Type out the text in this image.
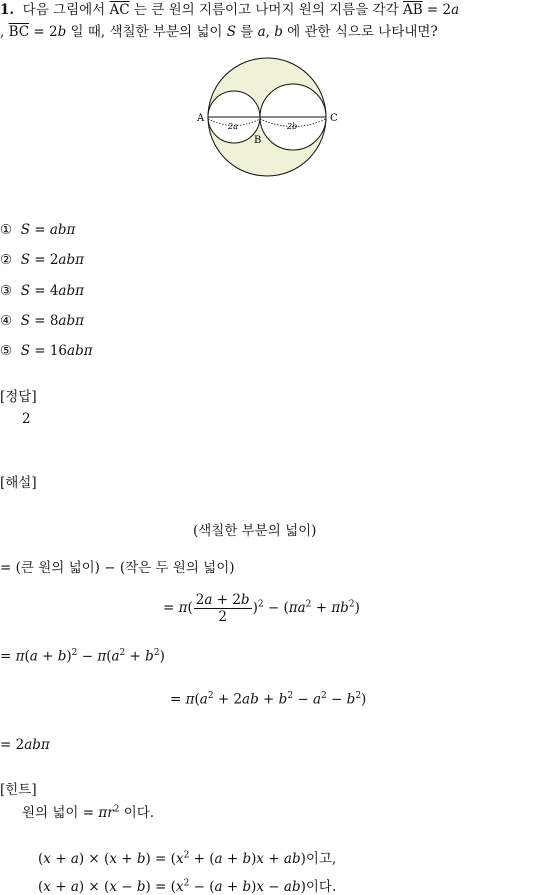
1.  다음 그림에서 $\overline{AC}$ 는 큰 원의 지름이고 나머지 원의 지름을 각각 $\overline{AB} = 2a$
, $\overline{BC} = 2b$ 일 때, 색칠한 부분의 넓이 S 를 a, b 에 관한 식으로 나타내면?
A	C
B
2a	2b
①  S = abπ
②  S = 2abπ
③  S = 4abπ
④  S = 8abπ
⑤  S = 16abπ
[정답]
2
[해설]
(색칠한 부분의 넓이)
= (큰 원의 넓이) − (작은 두 원의 넓이)
= $\pi( \frac{2a + 2b}{2} )^2 - (\pi a^2 + \pi b^2)$
= $\pi(a + b)^2 - \pi(a^2 + b^2)$
= $\pi(a^2 + 2ab + b^2 - a^2 - b^2)$
= 2abπ
[힌트]
원의 넓이 = $\pi r^2$ 이다.
$(x + a) \times (x + b) = (x^2 + (a + b)x + ab)$이고,
$(x + a) \times (x - b) = (x^2 - (a + b)x - ab)$이다.
